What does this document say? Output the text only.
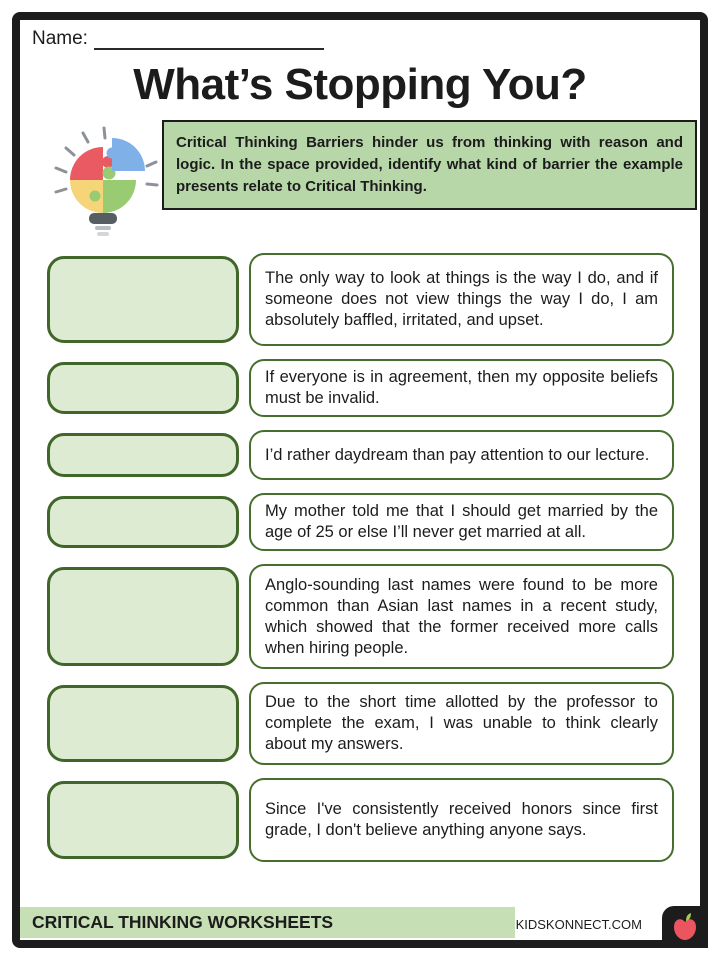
Name:
What’s Stopping You?
Critical Thinking Barriers hinder us from thinking with reason and logic. In the space provided, identify what kind of barrier the example presents relate to Critical Thinking.

The only way to look at things is the way I do, and if someone does not view things the way I do, I am absolutely baffled, irritated, and upset.

If everyone is in agreement, then my opposite beliefs must be invalid.

I’d rather daydream than pay attention to our lecture.

My mother told me that I should get married by the age of 25 or else I’ll never get married at all.

Anglo-sounding last names were found to be more common than Asian last names in a recent study, which showed that the former received more calls when hiring people.

Due to the short time allotted by the professor to complete the exam, I was unable to think clearly about my answers.

Since I've consistently received honors since first grade, I don't believe anything anyone says.

CRITICAL THINKING WORKSHEETS	KIDSKONNECT.COM
